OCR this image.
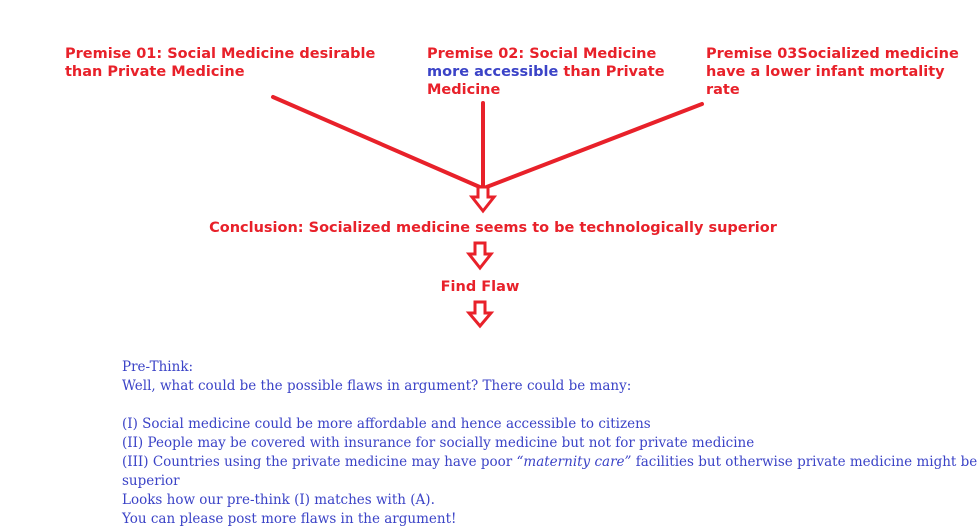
Premise 01: Social Medicine desirable than Private Medicine
Premise 02: Social Medicine more accessible than Private Medicine
Premise 03Socialized medicine have a lower infant mortality rate
Conclusion: Socialized medicine seems to be technologically superior
Find Flaw
Pre-Think:
Well, what could be the possible flaws in argument? There could be many:
(I) Social medicine could be more affordable and hence accessible to citizens
(II) People may be covered with insurance for socially medicine but not for private medicine
(III) Countries using the private medicine may have poor “maternity care” facilities but otherwise private medicine might be superior
Looks how our pre-think (I) matches with (A).
You can please post more flaws in the argument!
